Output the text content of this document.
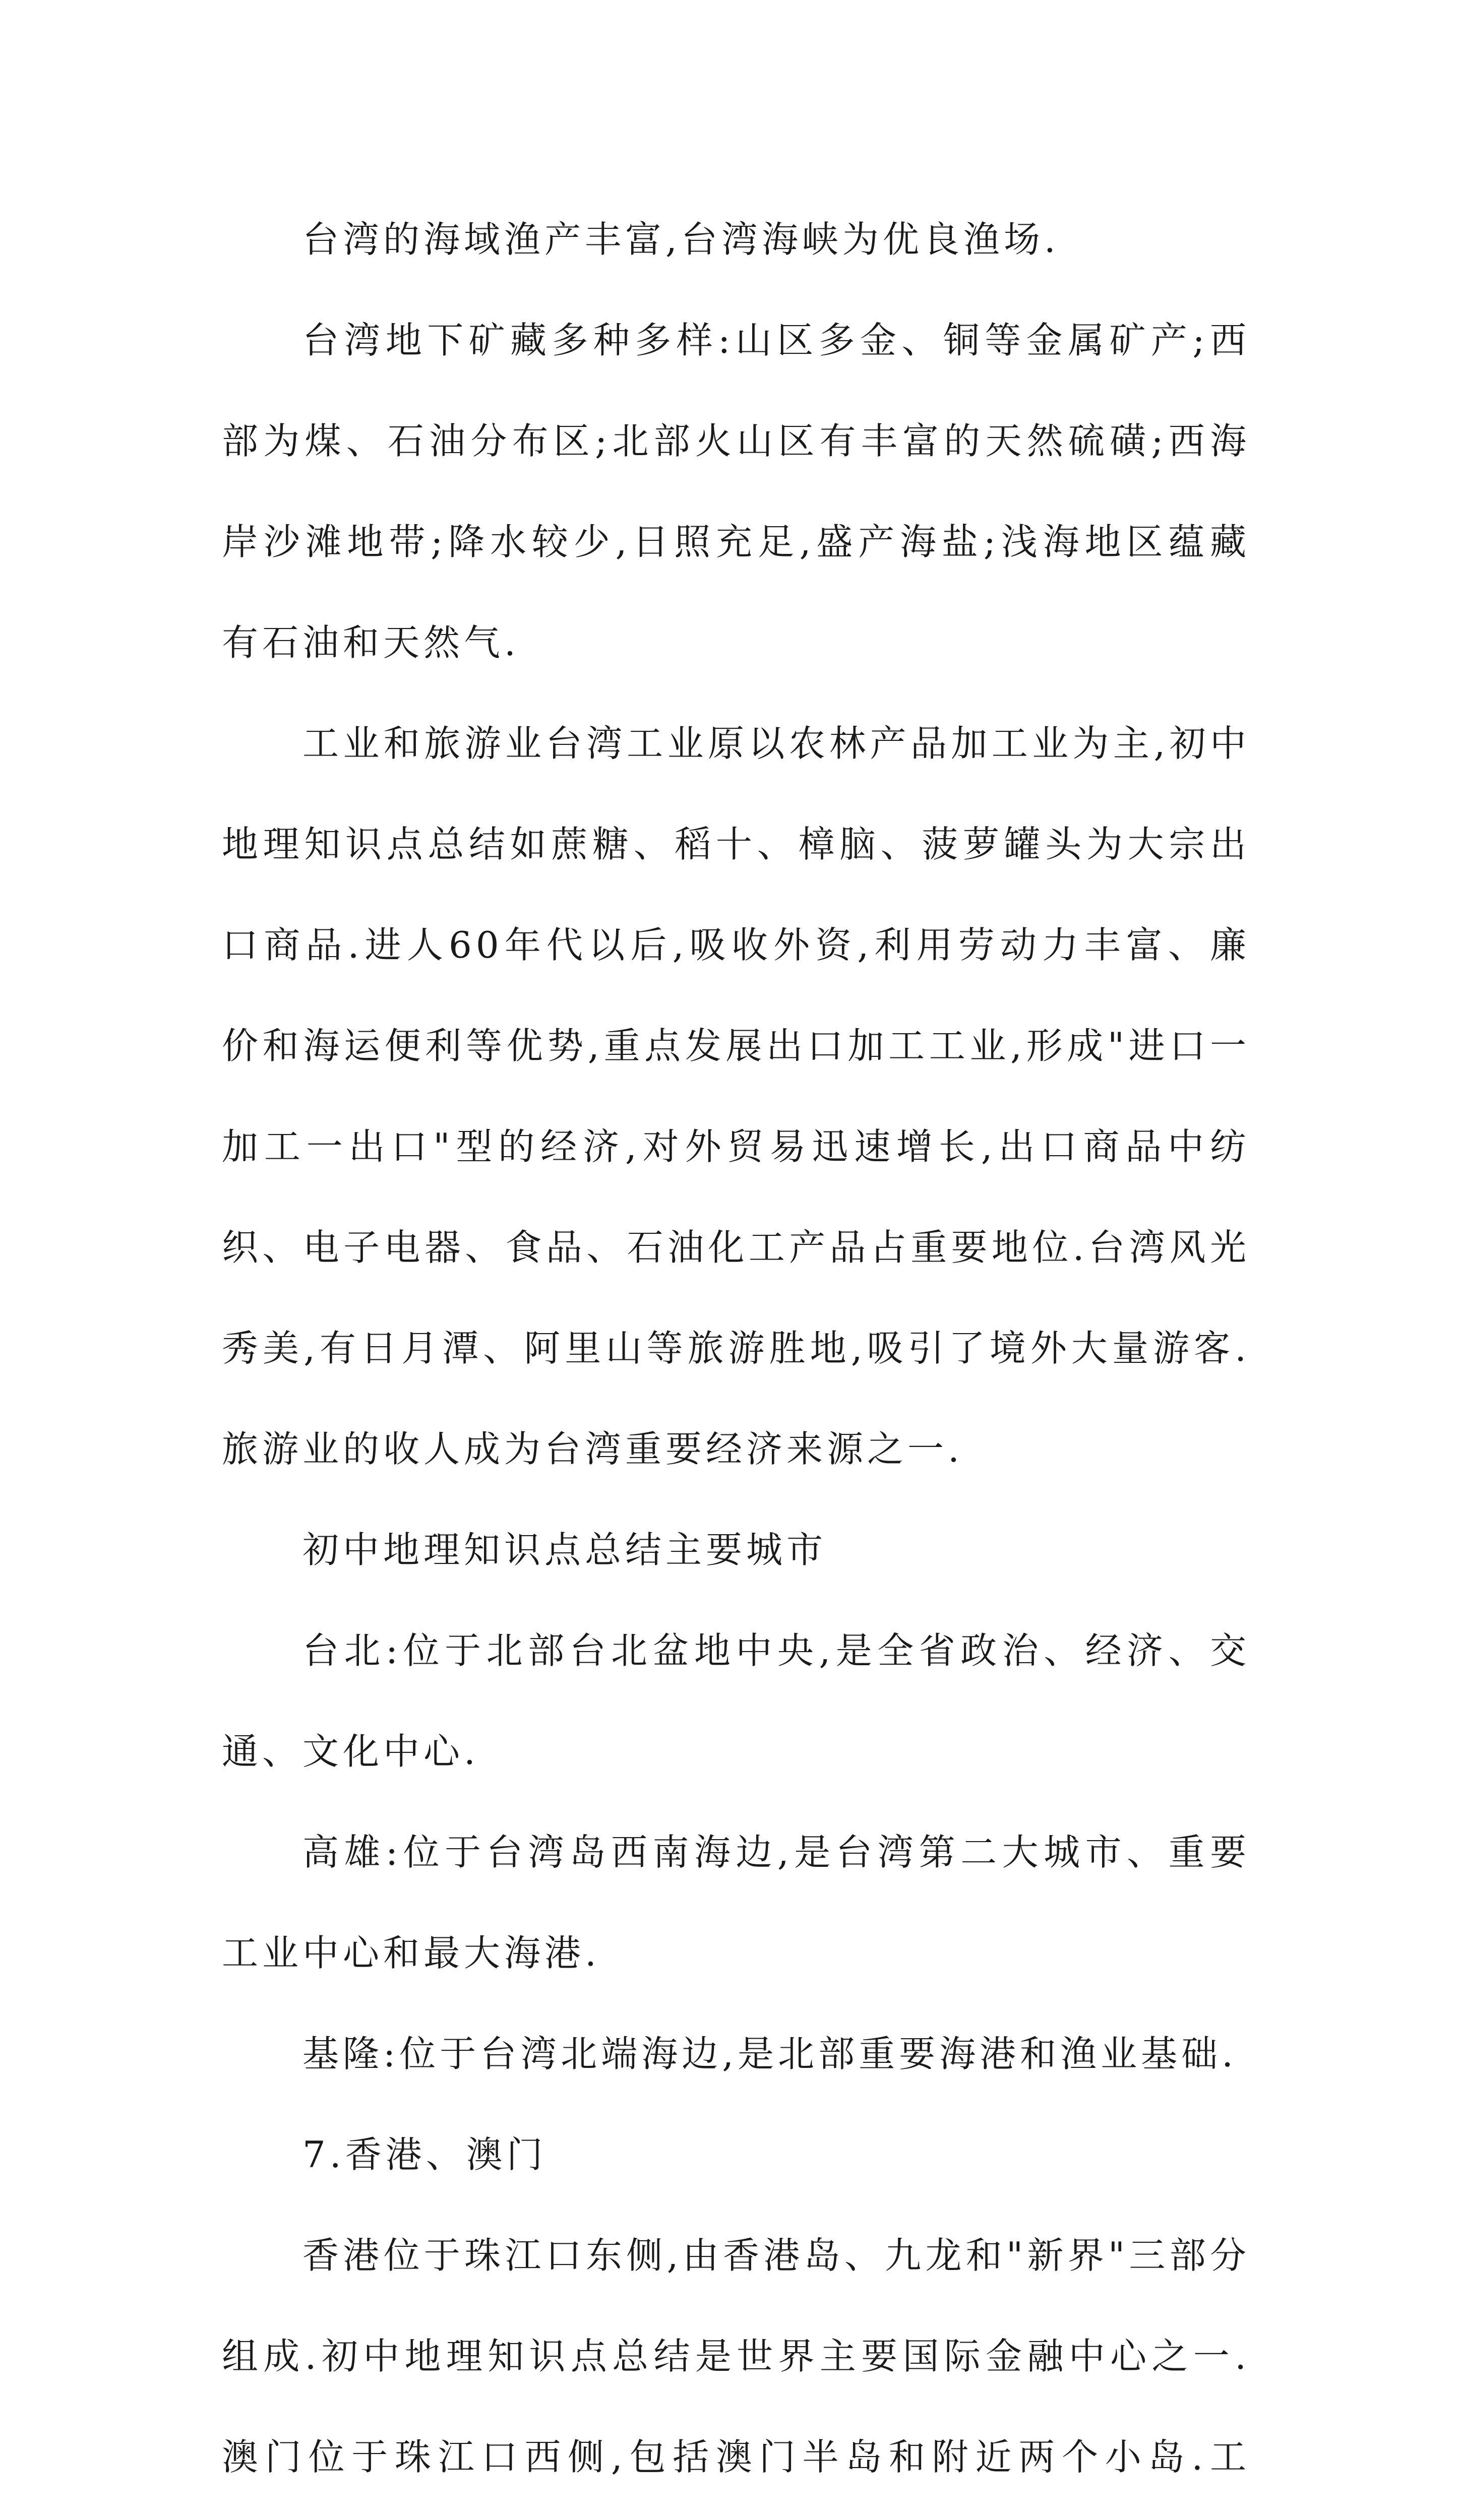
台湾的海域渔产丰富,台湾海峡为优良渔场.

台湾地下矿藏多种多样:山区多金、铜等金属矿产;西部为煤、石油分布区;北部火山区有丰富的天然硫磺;西海岸沙滩地带;降水较少,日照充足,盛产海盐;浅海地区蕴藏有石油和天然气.

工业和旅游业台湾工业原以农林产品加工业为主,初中地理知识点总结如蔗糖、稻十、樟脑、菠萝罐头为大宗出口商品.进人60年代以后,吸收外资,利用劳动力丰富、廉价和海运便利等优势,重点发展出口加工工业,形成"进口一加工一出口"型的经济,对外贸易迅速增长,出口商品中纺织、电子电器、食品、石油化工产品占重要地位.台湾风光秀美,有日月潭、阿里山等旅游胜地,吸引了境外大量游客.旅游业的收人成为台湾重要经济来源之一.

初中地理知识点总结主要城市

台北:位于北部台北盆地中央,是全省政治、经济、交通、文化中心.

高雄:位于台湾岛西南海边,是台湾第二大城市、重要工业中心和最大海港.

基隆:位于台湾北端海边,是北部重要海港和渔业基础.

7.香港、澳门

香港位于珠江口东侧,由香港岛、九龙和"新界"三部分组成.初中地理知识点总结是世界主要国际金融中心之一.澳门位于珠江口西侧,包括澳门半岛和附近两个小岛.工
